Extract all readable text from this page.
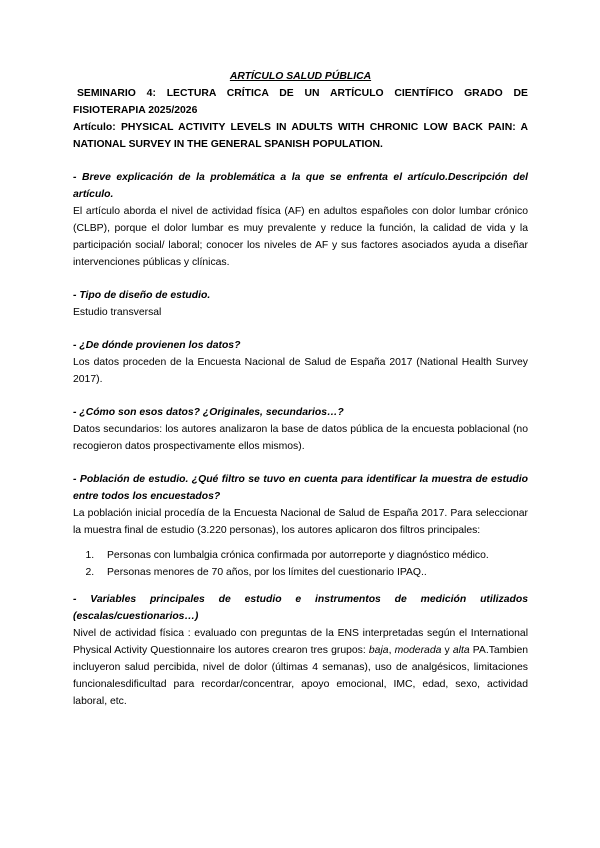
ARTÍCULO SALUD PÚBLICA

SEMINARIO 4: LECTURA CRÍTICA DE UN ARTÍCULO CIENTÍFICO GRADO DE FISIOTERAPIA 2025/2026

Artículo: PHYSICAL ACTIVITY LEVELS IN ADULTS WITH CHRONIC LOW BACK PAIN: A NATIONAL SURVEY IN THE GENERAL SPANISH POPULATION.

- Breve explicación de la problemática a la que se enfrenta el artículo.Descripción del artículo.

El artículo aborda el nivel de actividad física (AF) en adultos españoles con dolor lumbar crónico (CLBP), porque el dolor lumbar es muy prevalente y reduce la función, la calidad de vida y la participación social/ laboral; conocer los niveles de AF y sus factores asociados ayuda a diseñar intervenciones públicas y clínicas.

- Tipo de diseño de estudio.

Estudio transversal

- ¿De dónde provienen los datos?

Los datos proceden de la Encuesta Nacional de Salud de España 2017 (National Health Survey 2017).

- ¿Cómo son esos datos? ¿Originales, secundarios…?

Datos secundarios: los autores analizaron la base de datos pública de la encuesta poblacional (no recogieron datos prospectivamente ellos mismos).

- Población de estudio. ¿Qué filtro se tuvo en cuenta para identificar la muestra de estudio entre todos los encuestados?

La población inicial procedía de la Encuesta Nacional de Salud de España 2017. Para seleccionar la muestra final de estudio (3.220 personas), los autores aplicaron dos filtros principales:

1. Personas con lumbalgia crónica confirmada por autorreporte y diagnóstico médico.
2. Personas menores de 70 años, por los límites del cuestionario IPAQ..

- Variables principales de estudio e instrumentos de medición utilizados (escalas/cuestionarios…)

Nivel de actividad física : evaluado con preguntas de la ENS interpretadas según el International Physical Activity Questionnaire los autores crearon tres grupos: baja, moderada y alta PA.Tambien incluyeron salud percibida, nivel de dolor (últimas 4 semanas), uso de analgésicos, limitaciones funcionalesdificultad para recordar/concentrar, apoyo emocional, IMC, edad, sexo, actividad laboral, etc.
